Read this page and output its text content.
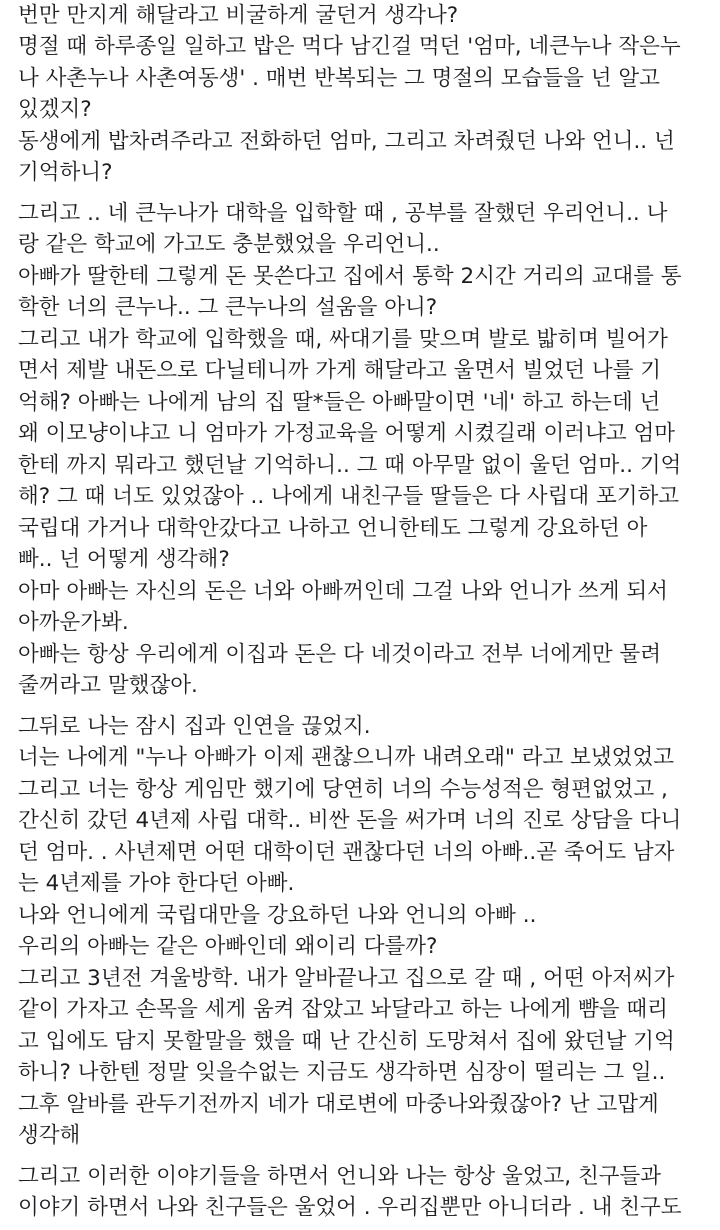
번만 만지게 해달라고 비굴하게 굴던거 생각나?
명절 때 하루종일 일하고 밥은 먹다 남긴걸 먹던 '엄마, 네큰누나 작은누
나 사촌누나 사촌여동생' . 매번 반복되는 그 명절의 모습들을 넌 알고
있겠지?
동생에게 밥차려주라고 전화하던 엄마, 그리고 차려줬던 나와 언니.. 넌
기억하니?
그리고 .. 네 큰누나가 대학을 입학할 때 , 공부를 잘했던 우리언니.. 나
랑 같은 학교에 가고도 충분했었을 우리언니..
아빠가 딸한테 그렇게 돈 못쓴다고 집에서 통학 2시간 거리의 교대를 통
학한 너의 큰누나.. 그 큰누나의 설움을 아니?
그리고 내가 학교에 입학했을 때, 싸대기를 맞으며 발로 밟히며 빌어가
면서 제발 내돈으로 다닐테니까 가게 해달라고 울면서 빌었던 나를 기
억해? 아빠는 나에게 남의 집 딸*들은 아빠말이면 '네' 하고 하는데 넌
왜 이모냥이냐고 니 엄마가 가정교육을 어떻게 시켰길래 이러냐고 엄마
한테 까지 뭐라고 했던날 기억하니.. 그 때 아무말 없이 울던 엄마.. 기억
해? 그 때 너도 있었잖아 .. 나에게 내친구들 딸들은 다 사립대 포기하고
국립대 가거나 대학안갔다고 나하고 언니한테도 그렇게 강요하던 아
빠.. 넌 어떻게 생각해?
아마 아빠는 자신의 돈은 너와 아빠꺼인데 그걸 나와 언니가 쓰게 되서
아까운가봐.
아빠는 항상 우리에게 이집과 돈은 다 네것이라고 전부 너에게만 물려
줄꺼라고 말했잖아.
그뒤로 나는 잠시 집과 인연을 끊었지.
너는 나에게 "누나 아빠가 이제 괜찮으니까 내려오래" 라고 보냈었었고
그리고 너는 항상 게임만 했기에 당연히 너의 수능성적은 형편없었고 ,
간신히 갔던 4년제 사립 대학.. 비싼 돈을 써가며 너의 진로 상담을 다니
던 엄마. . 사년제면 어떤 대학이던 괜찮다던 너의 아빠..곧 죽어도 남자
는 4년제를 가야 한다던 아빠.
나와 언니에게 국립대만을 강요하던 나와 언니의 아빠 ..
우리의 아빠는 같은 아빠인데 왜이리 다를까?
그리고 3년전 겨울방학. 내가 알바끝나고 집으로 갈 때 , 어떤 아저씨가
같이 가자고 손목을 세게 움켜 잡았고 놔달라고 하는 나에게 뺨을 때리
고 입에도 담지 못할말을 했을 때 난 간신히 도망쳐서 집에 왔던날 기억
하니? 나한텐 정말 잊을수없는 지금도 생각하면 심장이 떨리는 그 일..
그후 알바를 관두기전까지 네가 대로변에 마중나와줬잖아? 난 고맙게
생각해
그리고 이러한 이야기들을 하면서 언니와 나는 항상 울었고, 친구들과
이야기 하면서 나와 친구들은 울었어 . 우리집뿐만 아니더라 . 내 친구도
